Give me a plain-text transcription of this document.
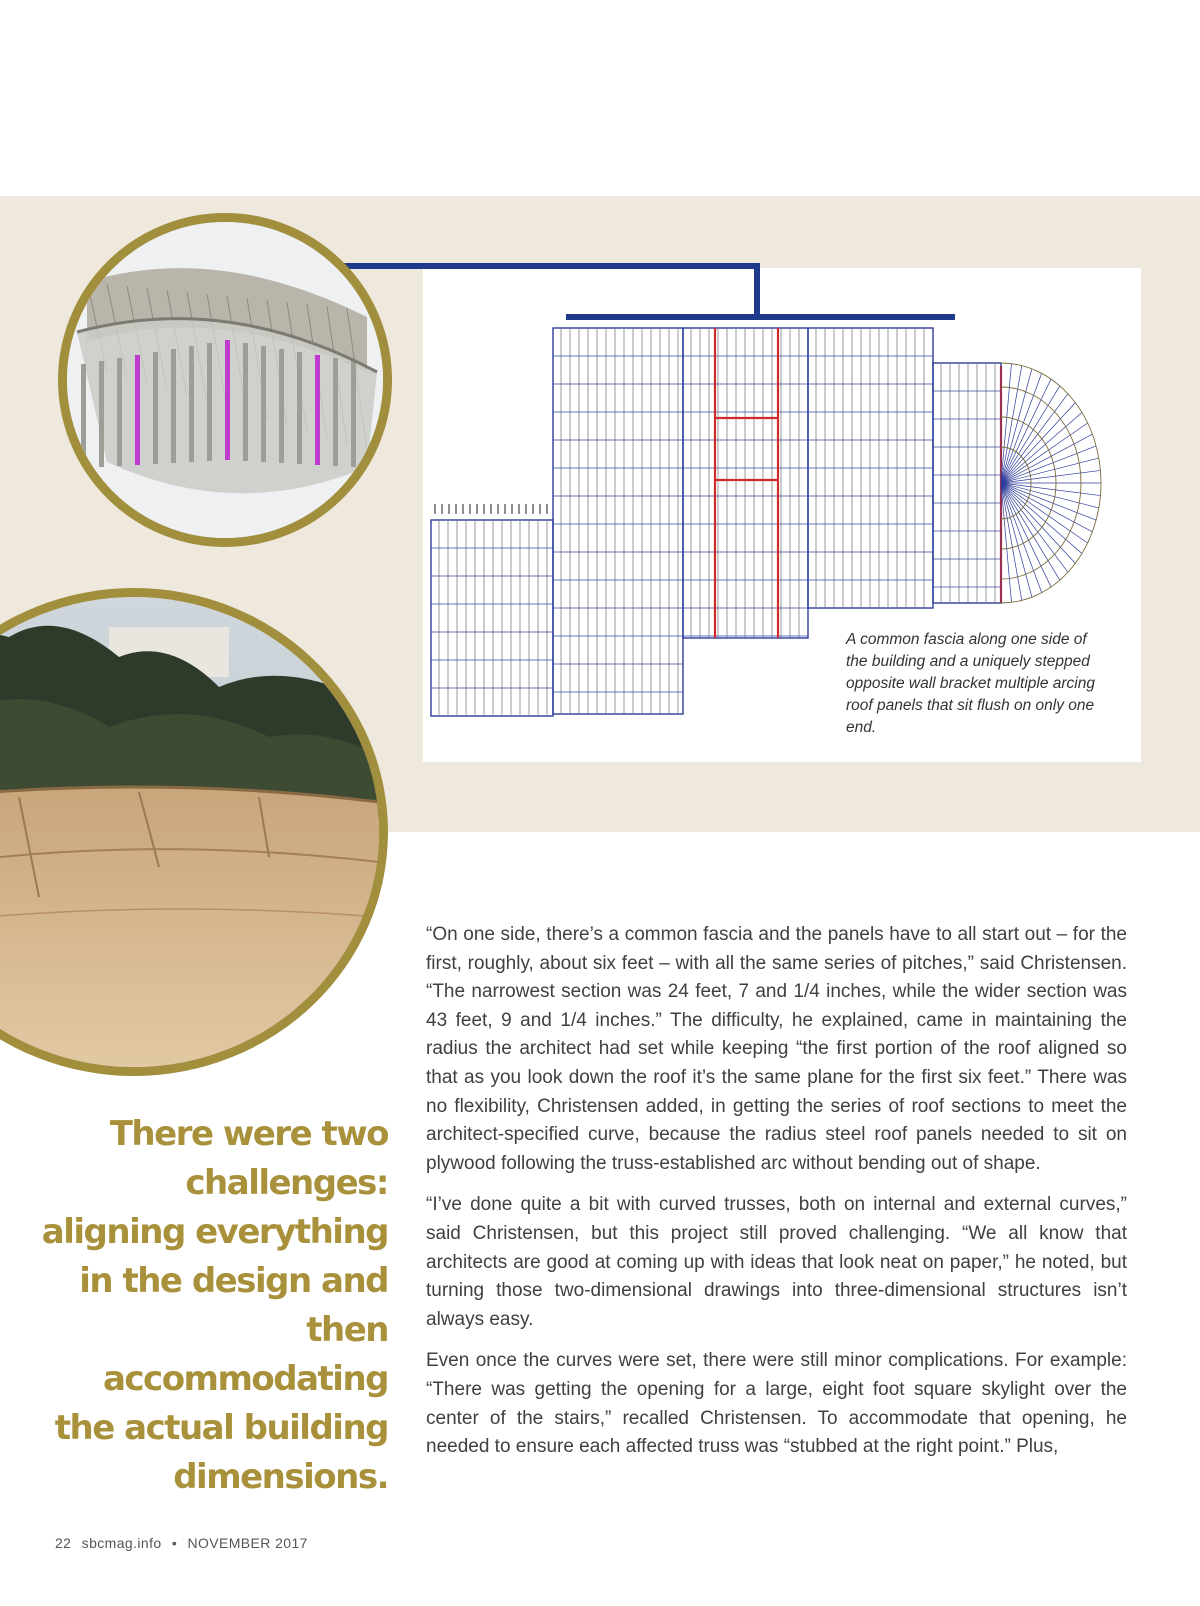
A common fascia along one side of the building and a uniquely stepped opposite wall bracket multiple arcing roof panels that sit flush on only one end.
There were two challenges: aligning everything in the design and then accommodating the actual building dimensions.

“On one side, there’s a common fascia and the panels have to all start out – for the first, roughly, about six feet – with all the same series of pitches,” said Christensen. “The narrowest section was 24 feet, 7 and 1/4 inches, while the wider section was 43 feet, 9 and 1/4 inches.” The difficulty, he explained, came in maintaining the radius the architect had set while keeping “the first portion of the roof aligned so that as you look down the roof it’s the same plane for the first six feet.” There was no flexibility, Christensen added, in getting the series of roof sections to meet the architect-specified curve, because the radius steel roof panels needed to sit on plywood following the truss-established arc without bending out of shape.

“I’ve done quite a bit with curved trusses, both on internal and external curves,” said Christensen, but this project still proved challenging. “We all know that architects are good at coming up with ideas that look neat on paper,” he noted, but turning those two-dimensional drawings into three-dimensional structures isn’t always easy.

Even once the curves were set, there were still minor complications. For example: “There was getting the opening for a large, eight foot square skylight over the center of the stairs,” recalled Christensen. To accommodate that opening, he needed to ensure each affected truss was “stubbed at the right point.” Plus,

22 sbcmag.info • NOVEMBER 2017
